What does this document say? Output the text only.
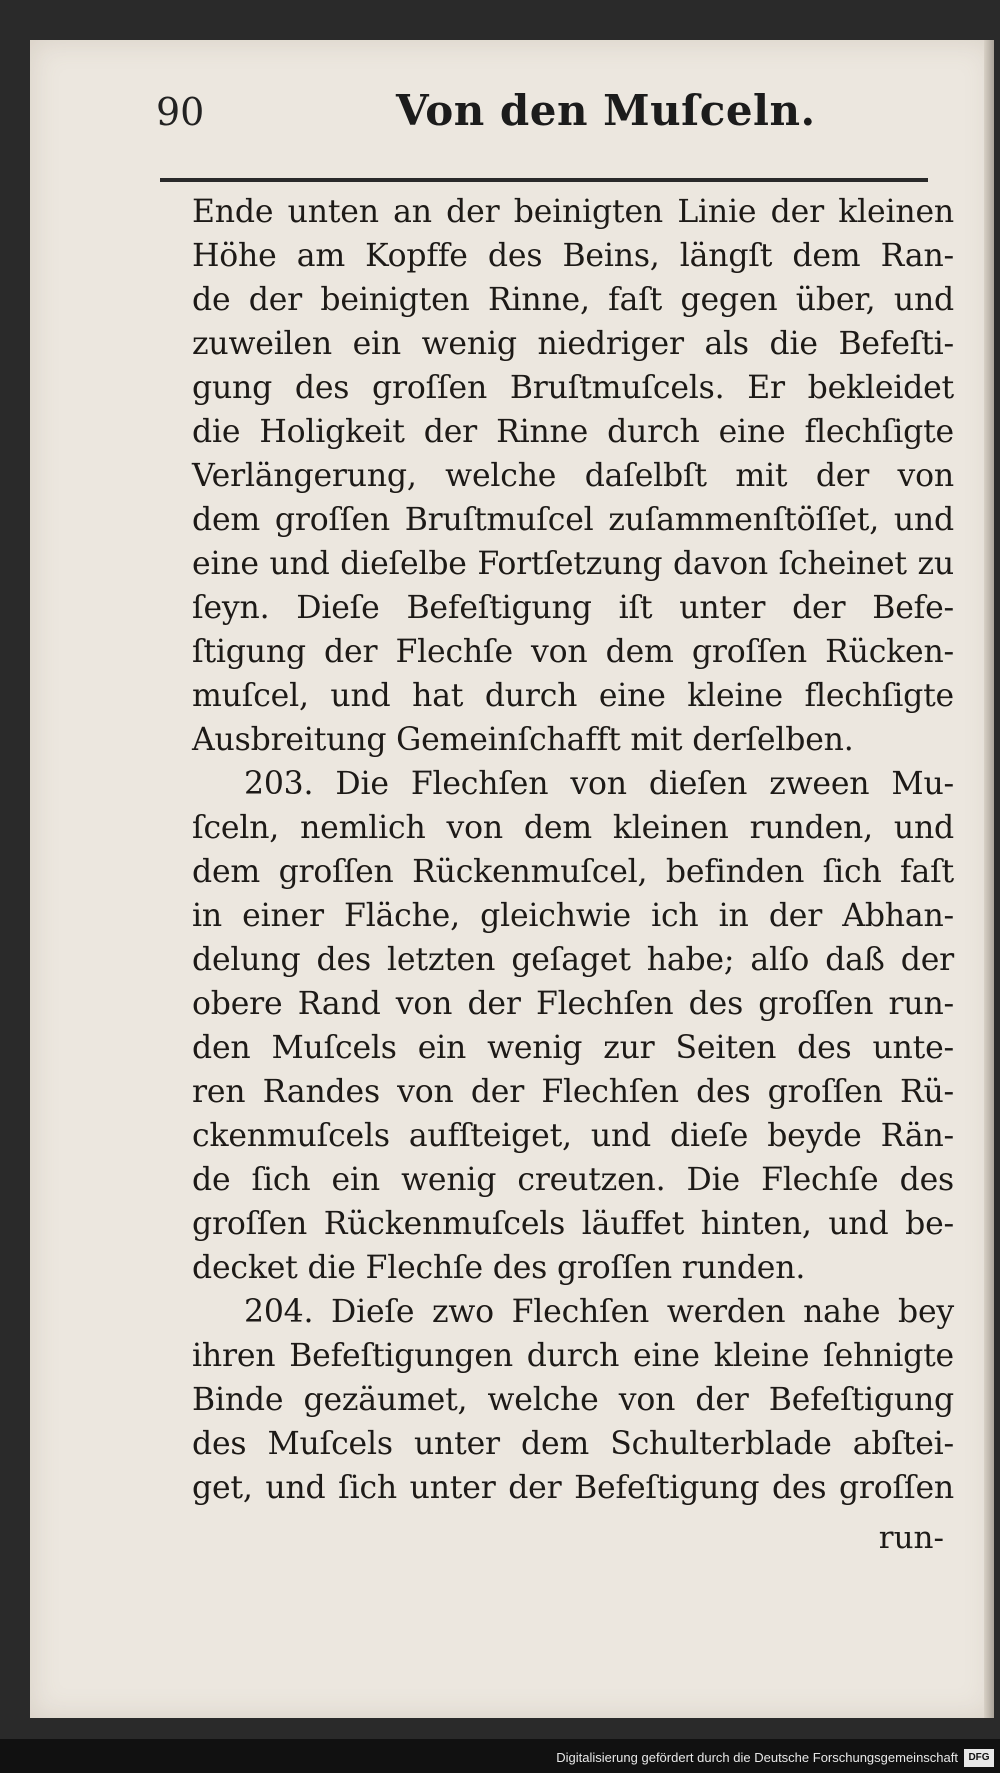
90	Von den Muſceln.
Ende unten an der beinigten Linie der kleinen
Höhe am Kopffe des Beins, längſt dem Ran-
de der beinigten Rinne, faſt gegen über, und
zuweilen ein wenig niedriger als die Befeſti-
gung des groſſen Bruſtmuſcels. Er bekleidet
die Holigkeit der Rinne durch eine flechſigte
Verlängerung, welche daſelbſt mit der von
dem groſſen Bruſtmuſcel zuſammenſtöſſet, und
eine und dieſelbe Fortſetzung davon ſcheinet zu
ſeyn. Dieſe Befeſtigung iſt unter der Befe-
ſtigung der Flechſe von dem groſſen Rücken-
muſcel, und hat durch eine kleine flechſigte
Ausbreitung Gemeinſchafft mit derſelben.
203. Die Flechſen von dieſen zween Mu-
ſceln, nemlich von dem kleinen runden, und
dem groſſen Rückenmuſcel, befinden ſich faſt
in einer Fläche, gleichwie ich in der Abhan-
delung des letzten geſaget habe; alſo daß der
obere Rand von der Flechſen des groſſen run-
den Muſcels ein wenig zur Seiten des unte-
ren Randes von der Flechſen des groſſen Rü-
ckenmuſcels aufſteiget, und dieſe beyde Rän-
de ſich ein wenig creutzen. Die Flechſe des
groſſen Rückenmuſcels läuffet hinten, und be-
decket die Flechſe des groſſen runden.
204. Dieſe zwo Flechſen werden nahe bey
ihren Befeſtigungen durch eine kleine ſehnigte
Binde gezäumet, welche von der Befeſtigung
des Muſcels unter dem Schulterblade abſtei-
get, und ſich unter der Befeſtigung des groſſen
run-
Digitalisierung gefördert durch die Deutsche Forschungsgemeinschaft	DFG
